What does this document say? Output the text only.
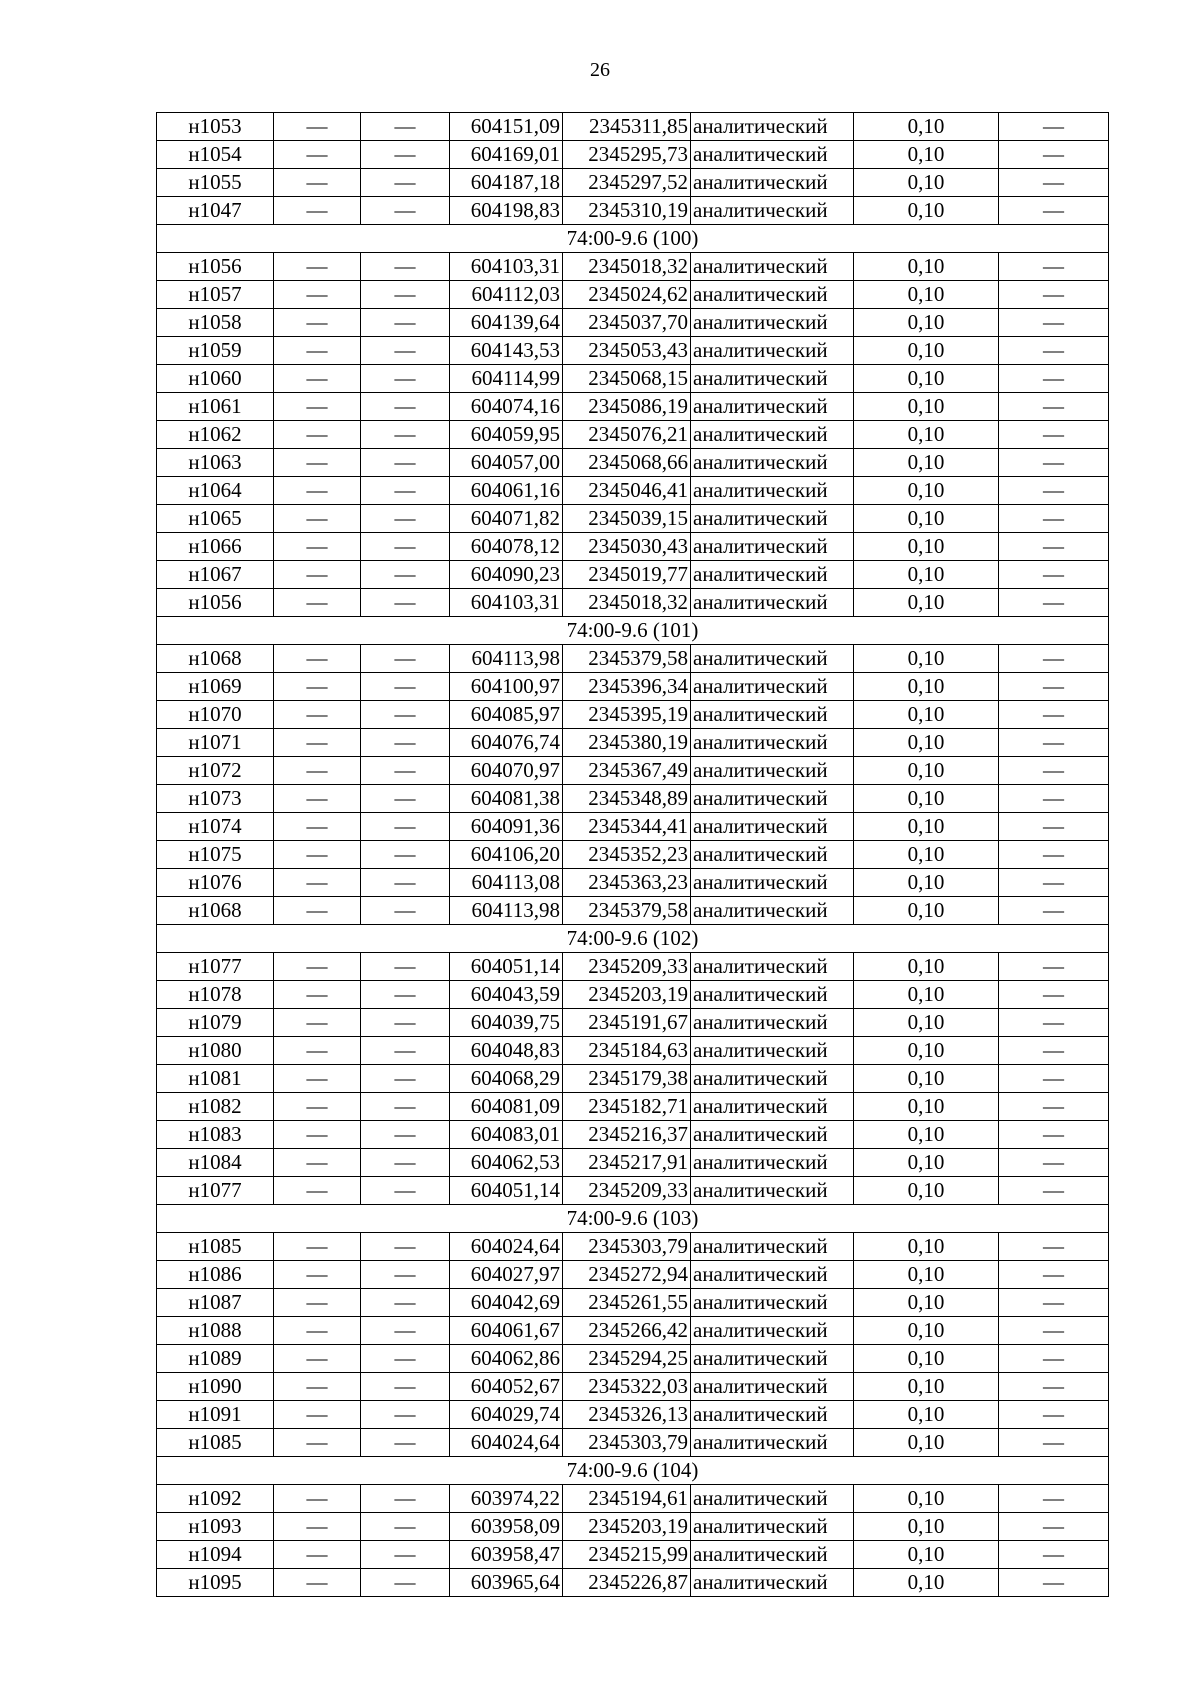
26
н1053	—	—	604151,09	2345311,85	аналитический	0,10	—
н1054	—	—	604169,01	2345295,73	аналитический	0,10	—
н1055	—	—	604187,18	2345297,52	аналитический	0,10	—
н1047	—	—	604198,83	2345310,19	аналитический	0,10	—
74:00-9.6 (100)							
н1056	—	—	604103,31	2345018,32	аналитический	0,10	—
н1057	—	—	604112,03	2345024,62	аналитический	0,10	—
н1058	—	—	604139,64	2345037,70	аналитический	0,10	—
н1059	—	—	604143,53	2345053,43	аналитический	0,10	—
н1060	—	—	604114,99	2345068,15	аналитический	0,10	—
н1061	—	—	604074,16	2345086,19	аналитический	0,10	—
н1062	—	—	604059,95	2345076,21	аналитический	0,10	—
н1063	—	—	604057,00	2345068,66	аналитический	0,10	—
н1064	—	—	604061,16	2345046,41	аналитический	0,10	—
н1065	—	—	604071,82	2345039,15	аналитический	0,10	—
н1066	—	—	604078,12	2345030,43	аналитический	0,10	—
н1067	—	—	604090,23	2345019,77	аналитический	0,10	—
н1056	—	—	604103,31	2345018,32	аналитический	0,10	—
74:00-9.6 (101)							
н1068	—	—	604113,98	2345379,58	аналитический	0,10	—
н1069	—	—	604100,97	2345396,34	аналитический	0,10	—
н1070	—	—	604085,97	2345395,19	аналитический	0,10	—
н1071	—	—	604076,74	2345380,19	аналитический	0,10	—
н1072	—	—	604070,97	2345367,49	аналитический	0,10	—
н1073	—	—	604081,38	2345348,89	аналитический	0,10	—
н1074	—	—	604091,36	2345344,41	аналитический	0,10	—
н1075	—	—	604106,20	2345352,23	аналитический	0,10	—
н1076	—	—	604113,08	2345363,23	аналитический	0,10	—
н1068	—	—	604113,98	2345379,58	аналитический	0,10	—
74:00-9.6 (102)							
н1077	—	—	604051,14	2345209,33	аналитический	0,10	—
н1078	—	—	604043,59	2345203,19	аналитический	0,10	—
н1079	—	—	604039,75	2345191,67	аналитический	0,10	—
н1080	—	—	604048,83	2345184,63	аналитический	0,10	—
н1081	—	—	604068,29	2345179,38	аналитический	0,10	—
н1082	—	—	604081,09	2345182,71	аналитический	0,10	—
н1083	—	—	604083,01	2345216,37	аналитический	0,10	—
н1084	—	—	604062,53	2345217,91	аналитический	0,10	—
н1077	—	—	604051,14	2345209,33	аналитический	0,10	—
74:00-9.6 (103)							
н1085	—	—	604024,64	2345303,79	аналитический	0,10	—
н1086	—	—	604027,97	2345272,94	аналитический	0,10	—
н1087	—	—	604042,69	2345261,55	аналитический	0,10	—
н1088	—	—	604061,67	2345266,42	аналитический	0,10	—
н1089	—	—	604062,86	2345294,25	аналитический	0,10	—
н1090	—	—	604052,67	2345322,03	аналитический	0,10	—
н1091	—	—	604029,74	2345326,13	аналитический	0,10	—
н1085	—	—	604024,64	2345303,79	аналитический	0,10	—
74:00-9.6 (104)							
н1092	—	—	603974,22	2345194,61	аналитический	0,10	—
н1093	—	—	603958,09	2345203,19	аналитический	0,10	—
н1094	—	—	603958,47	2345215,99	аналитический	0,10	—
н1095	—	—	603965,64	2345226,87	аналитический	0,10	—
